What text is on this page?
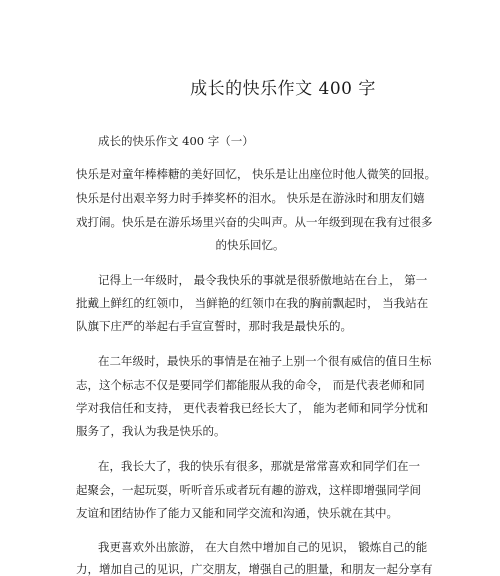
成长的快乐作文 400 字
成长的快乐作文 400 字（一）
快乐是对童年棒棒糖的美好回忆， 快乐是让出座位时他人微笑的回报。
快乐是付出艰辛努力时手捧奖杯的泪水。 快乐是在游泳时和朋友们嬉
戏打闹。快乐是在游乐场里兴奋的尖叫声。从一年级到现在我有过很多
的快乐回忆。
记得上一年级时， 最令我快乐的事就是很骄傲地站在台上， 第一
批戴上鲜红的红领巾， 当鲜艳的红领巾在我的胸前飘起时， 当我站在
队旗下庄严的举起右手宣宣誓时，那时我是最快乐的。
在二年级时，最快乐的事情是在袖子上别一个很有威信的值日生标
志，这个标志不仅是要同学们都能服从我的命令， 而是代表老师和同
学对我信任和支持， 更代表着我已经长大了， 能为老师和同学分忧和
服务了，我认为我是快乐的。
在，我长大了，我的快乐有很多，那就是常常喜欢和同学们在一
起聚会，一起玩耍，听听音乐或者玩有趣的游戏，这样即增强同学间
友谊和团结协作了能力又能和同学交流和沟通，快乐就在其中。
我更喜欢外出旅游， 在大自然中增加自己的见识， 锻炼自己的能
力，增加自己的见识，广交朋友，增强自己的胆量，和朋友一起分享有
